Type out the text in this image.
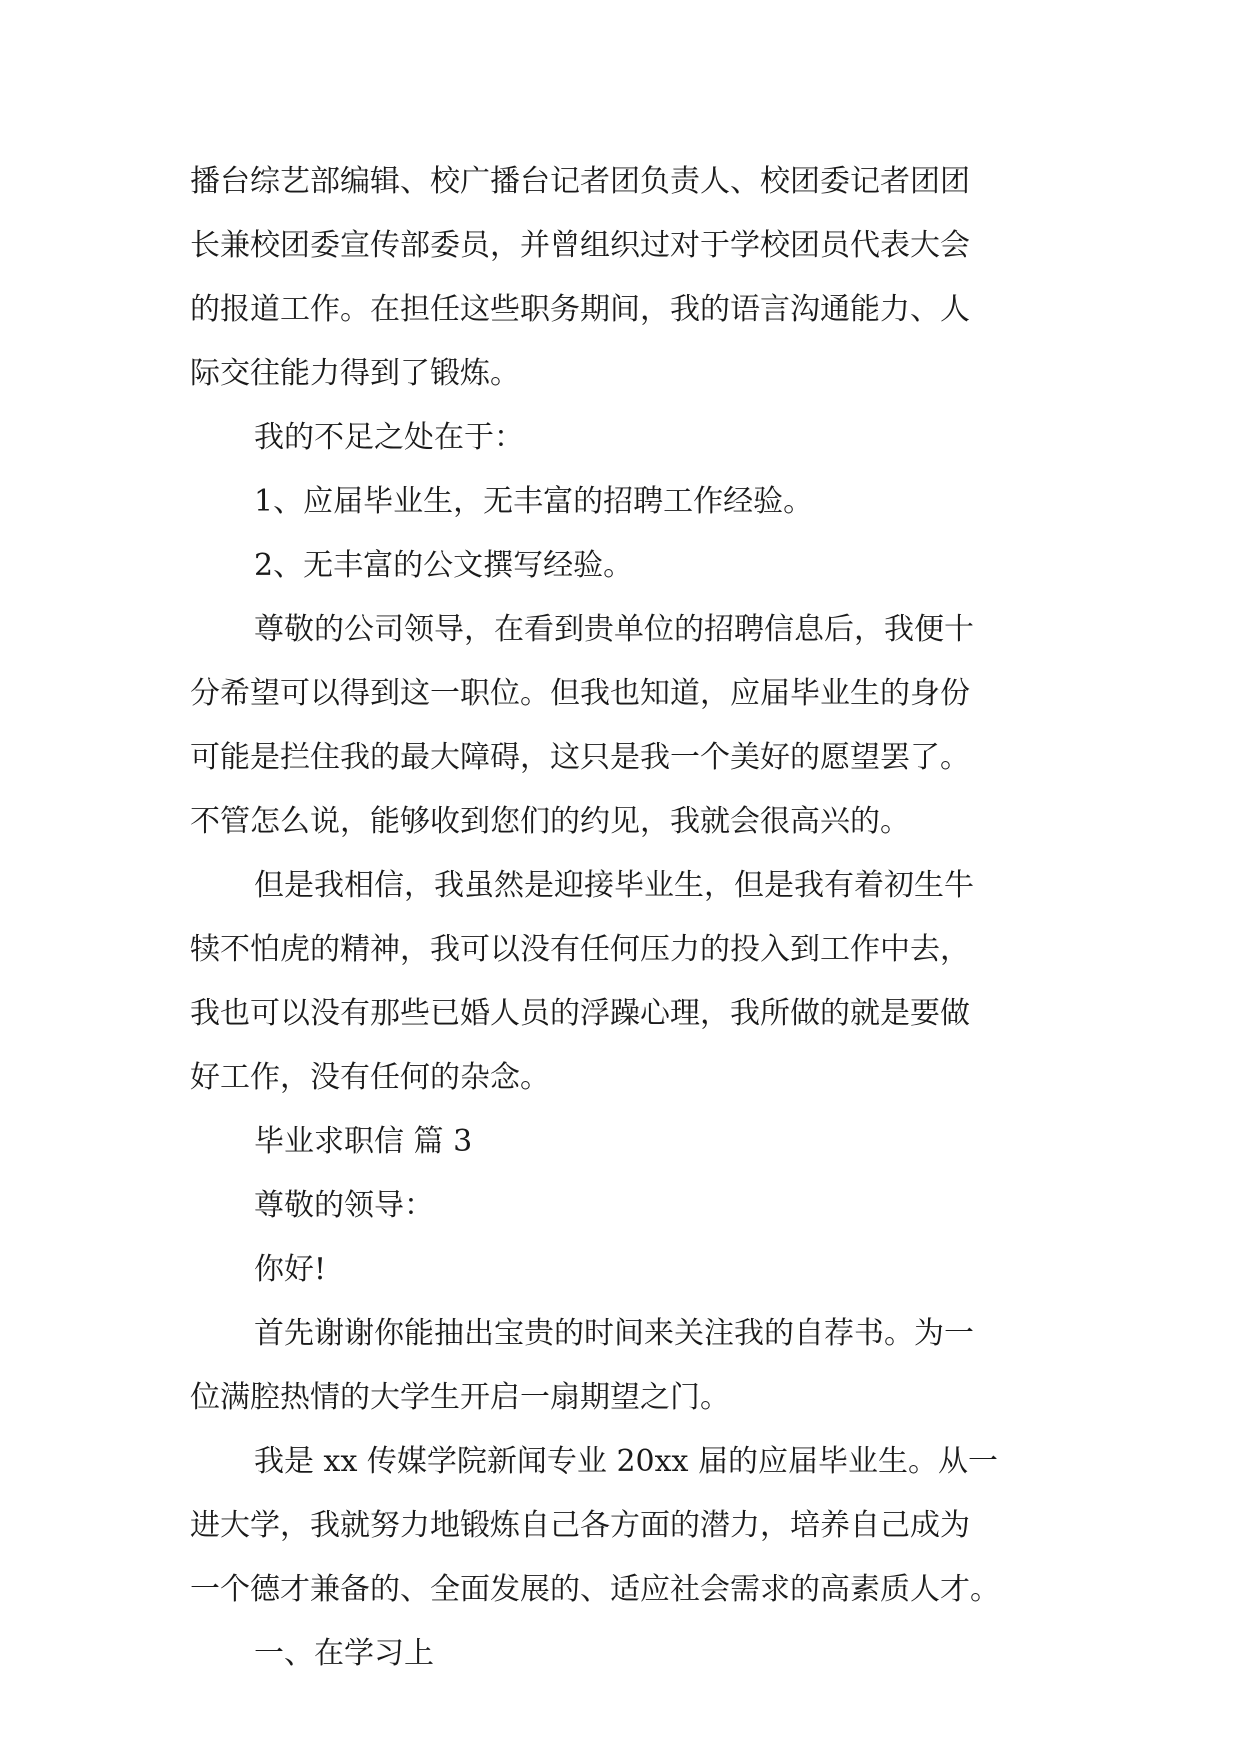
播台综艺部编辑、校广播台记者团负责人、校团委记者团团
长兼校团委宣传部委员，并曾组织过对于学校团员代表大会
的报道工作。在担任这些职务期间，我的语言沟通能力、人
际交往能力得到了锻炼。
我的不足之处在于：
1、应届毕业生，无丰富的招聘工作经验。
2、无丰富的公文撰写经验。
尊敬的公司领导，在看到贵单位的招聘信息后，我便十
分希望可以得到这一职位。但我也知道，应届毕业生的身份
可能是拦住我的最大障碍，这只是我一个美好的愿望罢了。
不管怎么说，能够收到您们的约见，我就会很高兴的。
但是我相信，我虽然是迎接毕业生，但是我有着初生牛
犊不怕虎的精神，我可以没有任何压力的投入到工作中去，
我也可以没有那些已婚人员的浮躁心理，我所做的就是要做
好工作，没有任何的杂念。
毕业求职信 篇 3
尊敬的领导：
你好!
首先谢谢你能抽出宝贵的时间来关注我的自荐书。为一
位满腔热情的大学生开启一扇期望之门。
我是 xx 传媒学院新闻专业 20xx 届的应届毕业生。从一
进大学，我就努力地锻炼自己各方面的潜力，培养自己成为
一个德才兼备的、全面发展的、适应社会需求的高素质人才。
一、在学习上
